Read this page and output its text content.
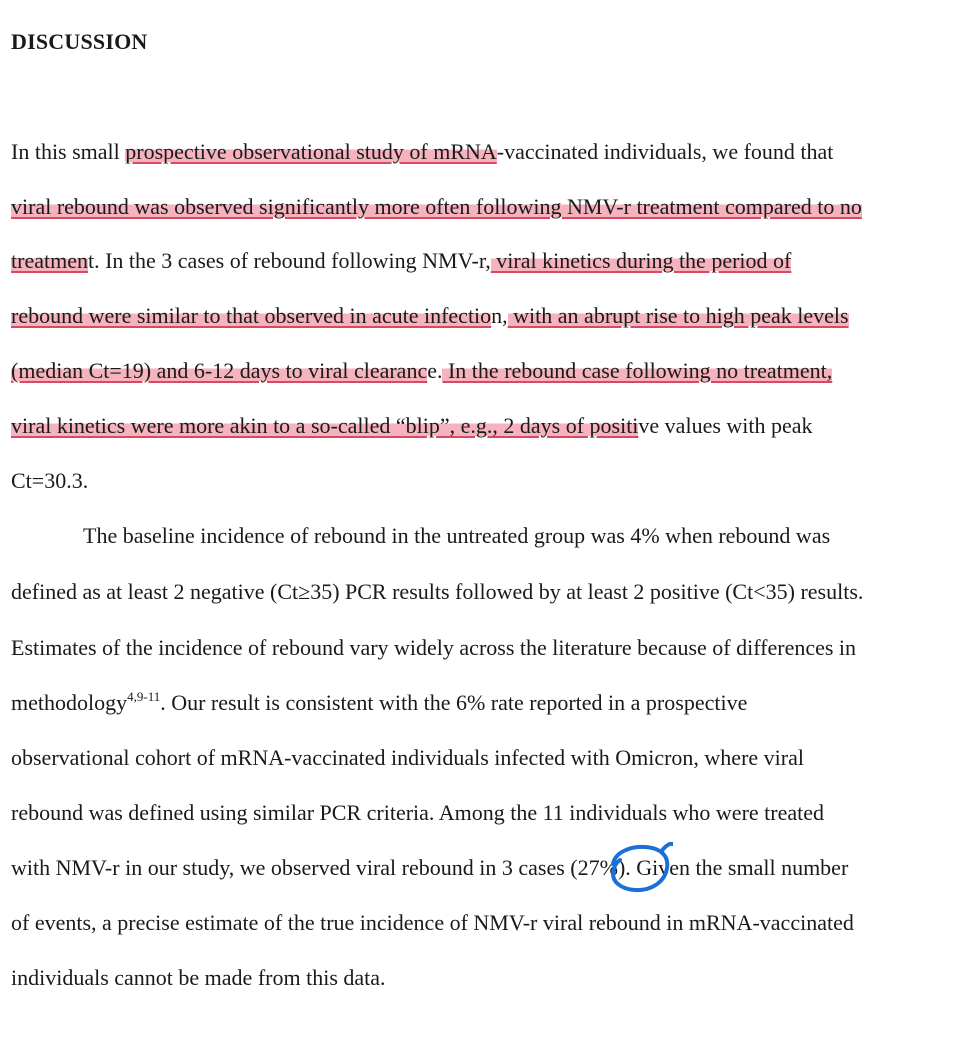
DISCUSSION
In this small prospective observational study of mRNA-vaccinated individuals, we found that
viral rebound was observed significantly more often following NMV-r treatment compared to no
treatment. In the 3 cases of rebound following NMV-r, viral kinetics during the period of
rebound were similar to that observed in acute infection, with an abrupt rise to high peak levels
(median Ct=19) and 6-12 days to viral clearance. In the rebound case following no treatment,
viral kinetics were more akin to a so-called “blip”, e.g., 2 days of positive values with peak
Ct=30.3.
The baseline incidence of rebound in the untreated group was 4% when rebound was
defined as at least 2 negative (Ct≥35) PCR results followed by at least 2 positive (Ct<35) results.
Estimates of the incidence of rebound vary widely across the literature because of differences in
methodology$^{4,9-11}$. Our result is consistent with the 6% rate reported in a prospective
observational cohort of mRNA-vaccinated individuals infected with Omicron, where viral
rebound was defined using similar PCR criteria. Among the 11 individuals who were treated
with NMV-r in our study, we observed viral rebound in 3 cases (27%). Given the small number
of events, a precise estimate of the true incidence of NMV-r viral rebound in mRNA-vaccinated
individuals cannot be made from this data.
